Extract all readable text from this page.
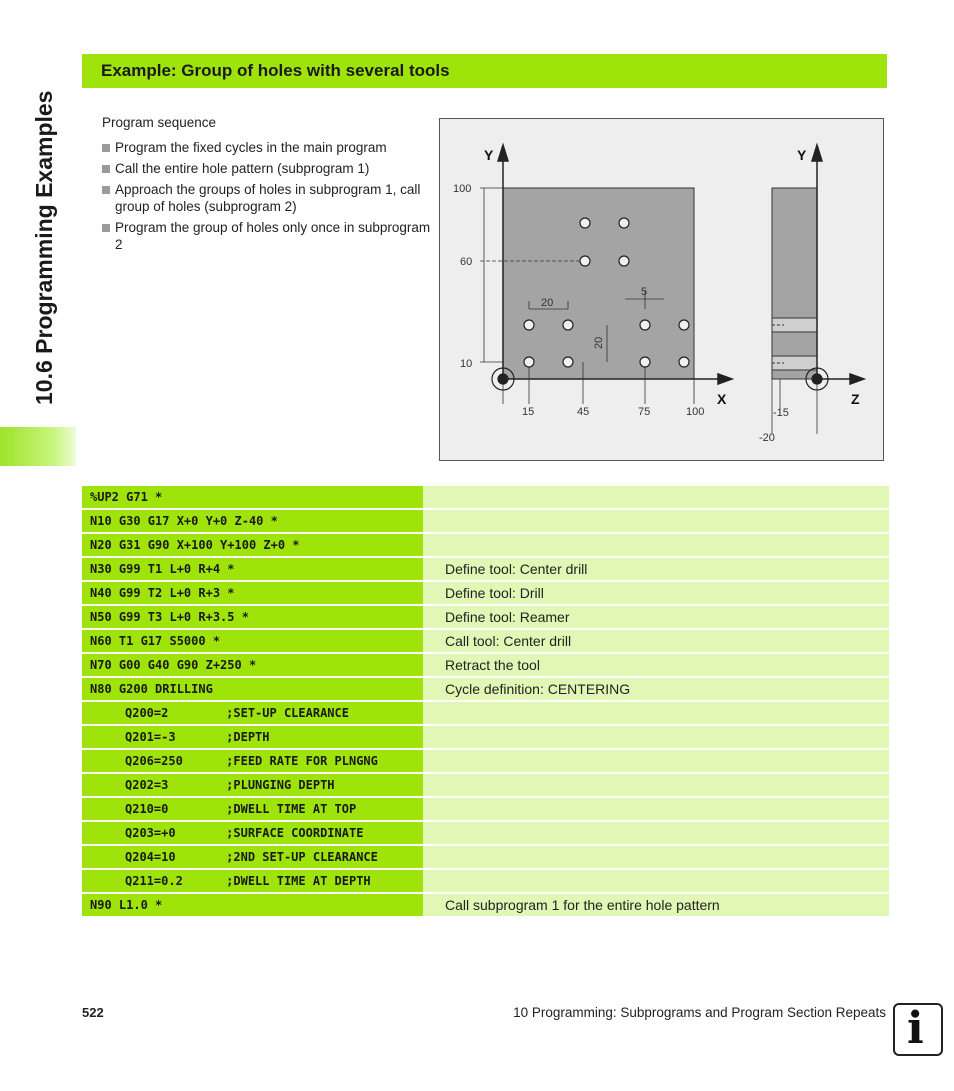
10.6 Programming Examples
Example: Group of holes with several tools
Program sequence
Program the fixed cycles in the main program
Call the entire hole pattern (subprogram 1)
Approach the groups of holes in subprogram 1, call group of holes (subprogram 2)
Program the group of holes only once in subprogram 2
Y	Y
X	Z
100
60
10
15	45	75	100
20
5
20
-15
-20
%UP2 G71 *
N10 G30 G17 X+0 Y+0 Z-40 *
N20 G31 G90 X+100 Y+100 Z+0 *
N30 G99 T1 L+0 R+4 *	Define tool: Center drill
N40 G99 T2 L+0 R+3 *	Define tool: Drill
N50 G99 T3 L+0 R+3.5 *	Define tool: Reamer
N60 T1 G17 S5000 *	Call tool: Center drill
N70 G00 G40 G90 Z+250 *	Retract the tool
N80 G200 DRILLING	Cycle definition: CENTERING
Q200=2        ;SET-UP CLEARANCE
Q201=-3       ;DEPTH
Q206=250      ;FEED RATE FOR PLNGNG
Q202=3        ;PLUNGING DEPTH
Q210=0        ;DWELL TIME AT TOP
Q203=+0       ;SURFACE COORDINATE
Q204=10       ;2ND SET-UP CLEARANCE
Q211=0.2      ;DWELL TIME AT DEPTH
N90 L1.0 *	Call subprogram 1 for the entire hole pattern
522	10 Programming: Subprograms and Program Section Repeats i
